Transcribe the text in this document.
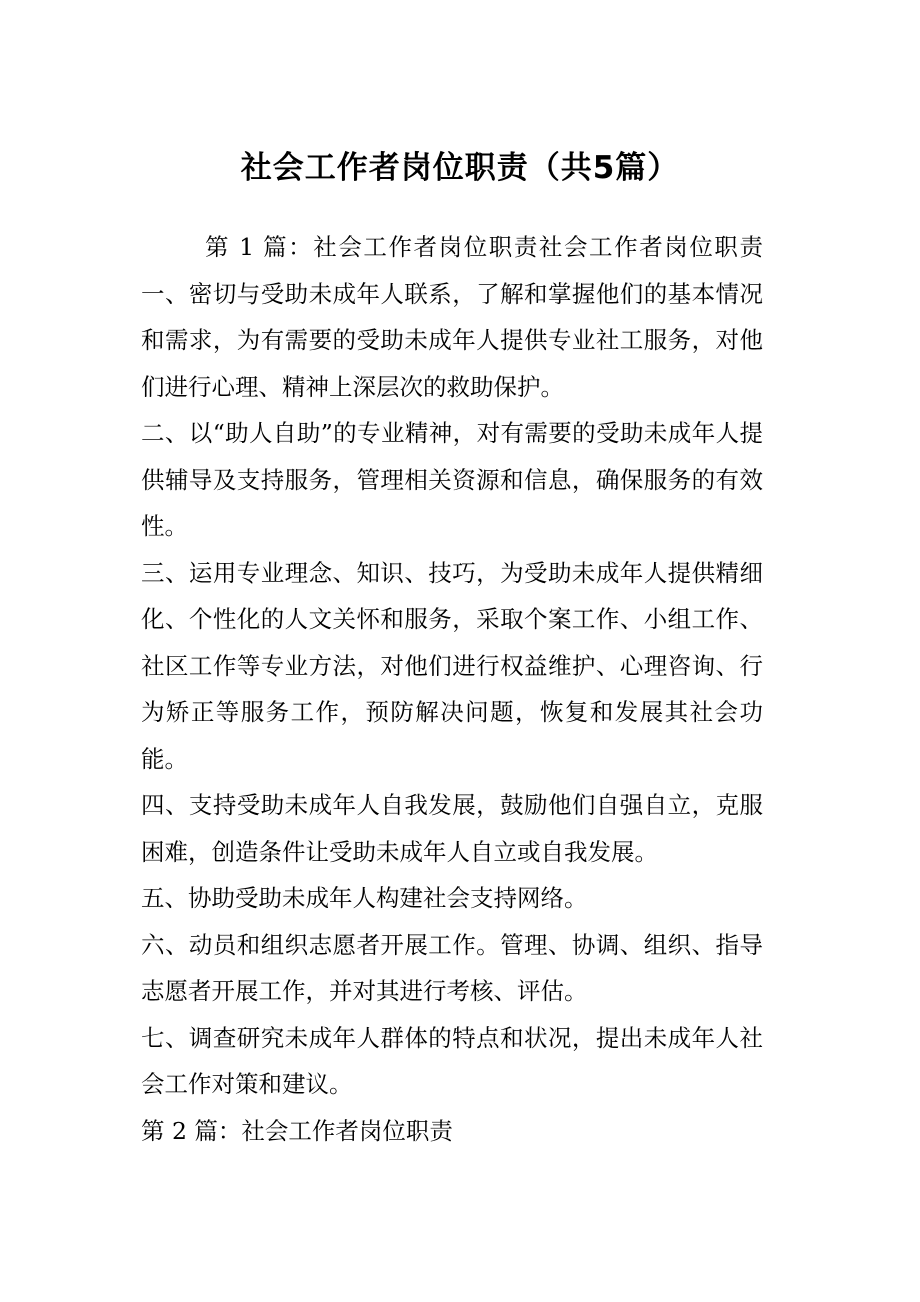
社会工作者岗位职责（共5篇）

第 1 篇：社会工作者岗位职责社会工作者岗位职责一、密切与受助未成年人联系，了解和掌握他们的基本情况和需求，为有需要的受助未成年人提供专业社工服务，对他们进行心理、精神上深层次的救助保护。

二、以“助人自助”的专业精神，对有需要的受助未成年人提供辅导及支持服务，管理相关资源和信息，确保服务的有效性。

三、运用专业理念、知识、技巧，为受助未成年人提供精细化、个性化的人文关怀和服务，采取个案工作、小组工作、社区工作等专业方法，对他们进行权益维护、心理咨询、行为矫正等服务工作，预防解决问题，恢复和发展其社会功能。

四、支持受助未成年人自我发展，鼓励他们自强自立，克服困难，创造条件让受助未成年人自立或自我发展。

五、协助受助未成年人构建社会支持网络。

六、动员和组织志愿者开展工作。管理、协调、组织、指导志愿者开展工作，并对其进行考核、评估。

七、调查研究未成年人群体的特点和状况，提出未成年人社会工作对策和建议。

第 2 篇：社会工作者岗位职责
